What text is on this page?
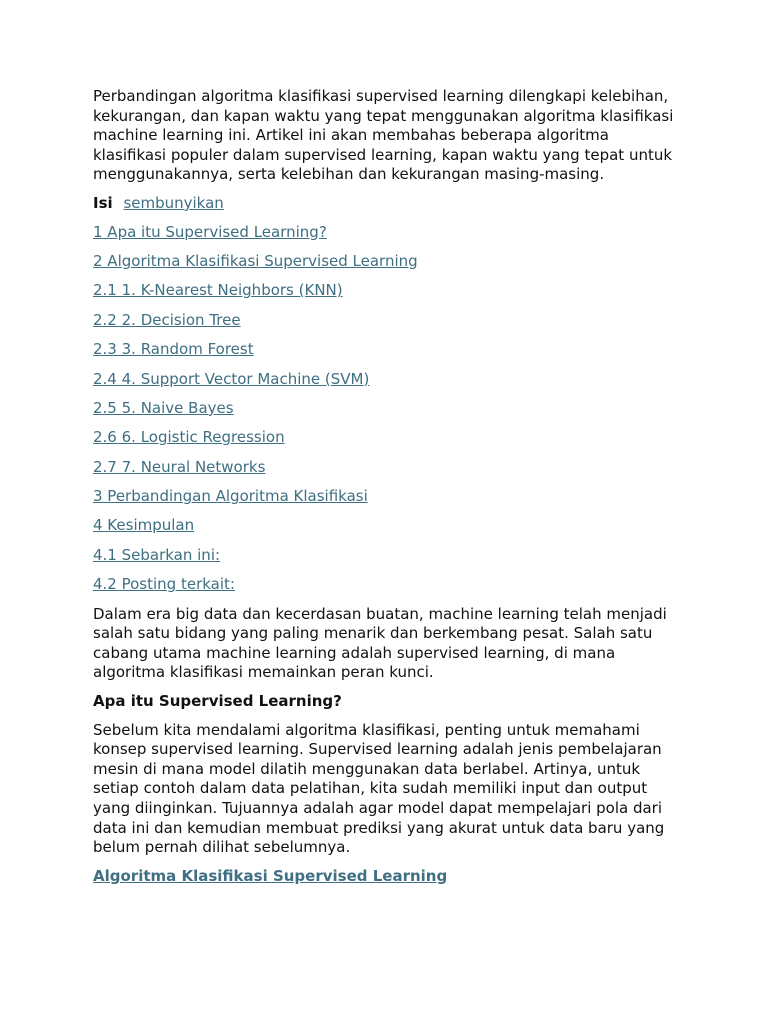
Perbandingan algoritma klasifikasi supervised learning dilengkapi kelebihan, kekurangan, dan kapan waktu yang tepat menggunakan algoritma klasifikasi machine learning ini. Artikel ini akan membahas beberapa algoritma klasifikasi populer dalam supervised learning, kapan waktu yang tepat untuk menggunakannya, serta kelebihan dan kekurangan masing-masing.

Isi sembunyikan
1 Apa itu Supervised Learning?
2 Algoritma Klasifikasi Supervised Learning
2.1 1. K-Nearest Neighbors (KNN)
2.2 2. Decision Tree
2.3 3. Random Forest
2.4 4. Support Vector Machine (SVM)
2.5 5. Naive Bayes
2.6 6. Logistic Regression
2.7 7. Neural Networks
3 Perbandingan Algoritma Klasifikasi
4 Kesimpulan
4.1 Sebarkan ini:
4.2 Posting terkait:

Dalam era big data dan kecerdasan buatan, machine learning telah menjadi salah satu bidang yang paling menarik dan berkembang pesat. Salah satu cabang utama machine learning adalah supervised learning, di mana algoritma klasifikasi memainkan peran kunci.

Apa itu Supervised Learning?

Sebelum kita mendalami algoritma klasifikasi, penting untuk memahami konsep supervised learning. Supervised learning adalah jenis pembelajaran mesin di mana model dilatih menggunakan data berlabel. Artinya, untuk setiap contoh dalam data pelatihan, kita sudah memiliki input dan output yang diinginkan. Tujuannya adalah agar model dapat mempelajari pola dari data ini dan kemudian membuat prediksi yang akurat untuk data baru yang belum pernah dilihat sebelumnya.

Algoritma Klasifikasi Supervised Learning
